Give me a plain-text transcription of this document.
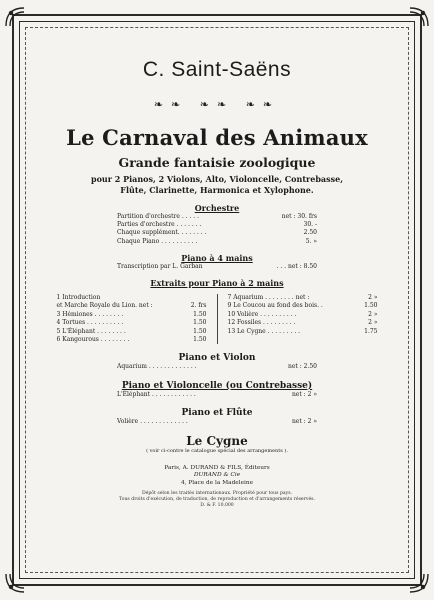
C. Saint-Saëns
❧❧ ❧❧ ❧❧
Le Carnaval des Animaux
Grande fantaisie zoologique
pour 2 Pianos, 2 Violons, Alto, Violoncelle, Contrebasse,
Flûte, Clarinette, Harmonica et Xylophone.
Orchestre
Partition d'orchestre . . . . .	net : 30. frs
Parties d'orchestre . . . . . . .	30. -
Chaque supplément. . . . . . . .	2.50
Chaque Piano . . . . . . . . . .	5. »
Piano à 4 mains
Transcription par L. Garban	. . . net : 8.50
Extraits pour Piano à 2 mains
1 Introduction
et Marche Royale du Lion. net :	2. frs
3 Hémiones . . . . . . . .	1.50
4 Tortues . . . . . . . . . .	1.50
5 L'Éléphant . . . . . . . .	1.50
6 Kangourous . . . . . . . .	1.50
7 Aquarium . . . . . . . . net :	2 »
9 Le Coucou au fond des bois. .	1.50
10 Volière . . . . . . . . . .	2 »
12 Fossiles . . . . . . . . .	2 »
13 Le Cygne . . . . . . . . .	1.75
Piano et Violon
Aquarium . . . . . . . . . . . . .	net : 2.50
Piano et Violoncelle (ou Contrebasse)
L'Éléphant . . . . . . . . . . . .	net : 2 »
Piano et Flûte
Volière . . . . . . . . . . . . .	net : 2 »
Le Cygne
( voir ci-contre le catalogue spécial des arrangements ).
Paris, A. DURAND & FILS, Éditeurs
DURAND & Cie
4, Place de la Madeleine
Dépôt selon les traités internationaux. Propriété pour tous pays.
Tous droits d'exécution, de traduction, de reproduction et d'arrangements réservés.
D. & F. 10.000
